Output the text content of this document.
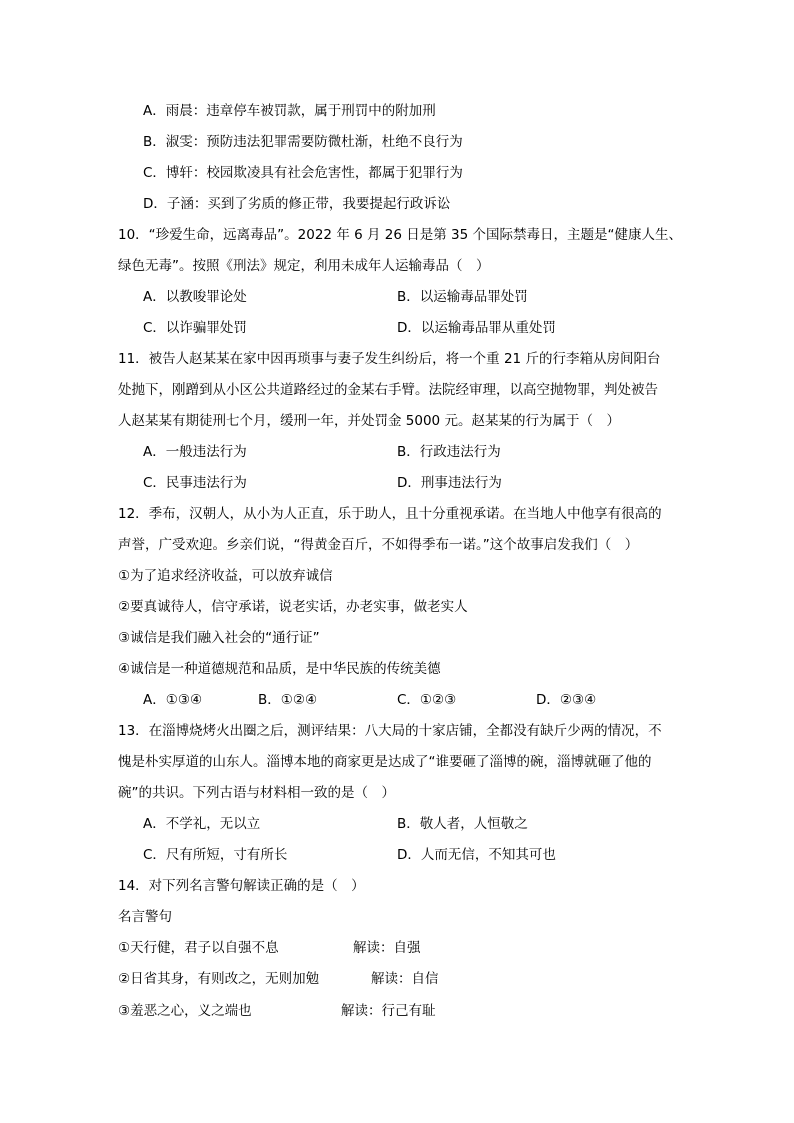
A．雨晨：违章停车被罚款，属于刑罚中的附加刑
B．淑雯：预防违法犯罪需要防微杜渐，杜绝不良行为
C．博轩：校园欺凌具有社会危害性，都属于犯罪行为
D．子涵：买到了劣质的修正带，我要提起行政诉讼
10．“珍爱生命，远离毒品”。2022 年 6 月 26 日是第 35 个国际禁毒日，主题是“健康人生、
绿色无毒”。按照《刑法》规定，利用未成年人运输毒品（　）
A．以教唆罪论处	B．以运输毒品罪处罚
C．以诈骗罪处罚	D．以运输毒品罪从重处罚
11．被告人赵某某在家中因再琐事与妻子发生纠纷后，将一个重 21 斤的行李箱从房间阳台
处抛下，刚蹭到从小区公共道路经过的金某右手臂。法院经审理，以高空抛物罪，判处被告
人赵某某有期徒刑七个月，缓刑一年，并处罚金 5000 元。赵某某的行为属于（　）
A．一般违法行为	B．行政违法行为
C．民事违法行为	D．刑事违法行为
12．季布，汉朝人，从小为人正直，乐于助人，且十分重视承诺。在当地人中他享有很高的
声誉，广受欢迎。乡亲们说，“得黄金百斤，不如得季布一诺。”这个故事启发我们（　）
①为了追求经济收益，可以放弃诚信
②要真诚待人，信守承诺，说老实话，办老实事，做老实人
③诚信是我们融入社会的“通行证”
④诚信是一种道德规范和品质，是中华民族的传统美德
A．①③④	B．①②④	C．①②③	D．②③④
13．在淄博烧烤火出圈之后，测评结果：八大局的十家店铺，全都没有缺斤少两的情况，不
愧是朴实厚道的山东人。淄博本地的商家更是达成了“谁要砸了淄博的碗，淄博就砸了他的
碗”的共识。下列古语与材料相一致的是（　）
A．不学礼，无以立	B．敬人者，人恒敬之
C．尺有所短，寸有所长	D．人而无信，不知其可也
14．对下列名言警句解读正确的是（　）
名言警句
①天行健，君子以自强不息	解读：自强
②日省其身，有则改之，无则加勉	解读：自信
③羞恶之心，义之端也	解读：行己有耻
